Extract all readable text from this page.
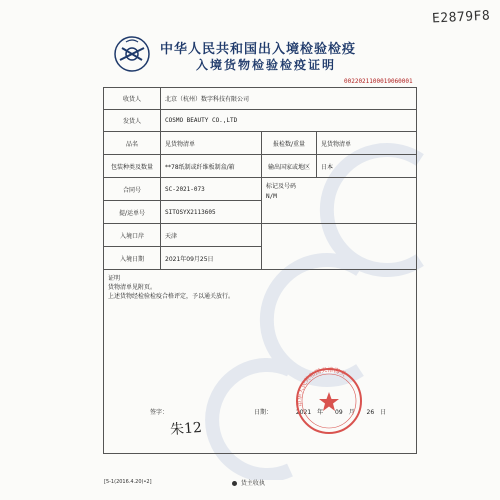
E2879F8
中华人民共和国出入境检验检疫
入境货物检验检疫证明
0022021100019060001
收货人	北京（杭州）数字科技有限公司		
发货人	COSMO BEAUTY CO.,LTD		
品名	见货物清单	报检数/重量	见货物清单
包装种类及数量	**78纸制或纤维板制盒/箱	输出国家或地区	日本
合同号	SC-2021-073	标记及号码
N/M	

提/运单号	SITOSYX2113605		
入境口岸	天津		
入境日期	2021年09月25日		

证明
货物清单见附页。
上述货物经检验检疫合格评定，予以通关放行。
签字： 日期： 2021 年 09 月 26 日			
朱12
中华人民共和国天津海关
[5-1(2016.4.20)•2]	货主收执
